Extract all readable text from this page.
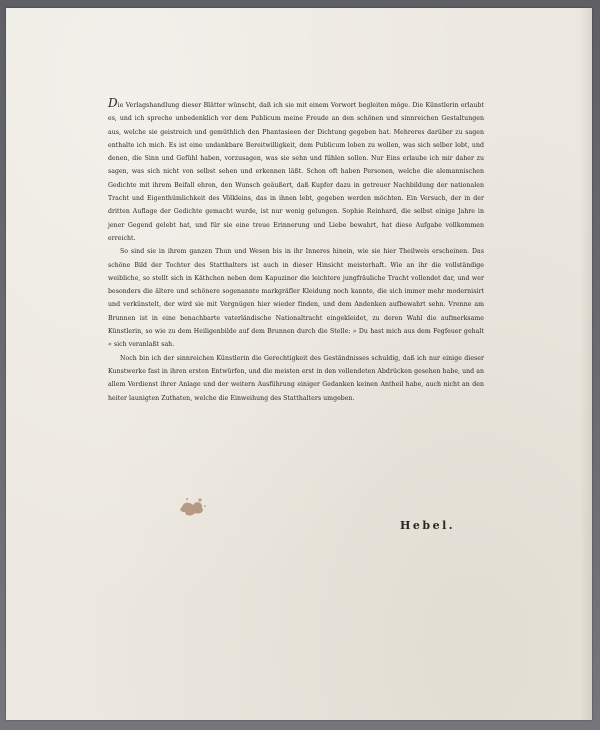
Die Verlagshandlung dieser Blätter wünscht, daß ich sie mit einem Vorwort begleiten möge. Die Künstlerin erlaubt es, und ich spreche unbedenklich vor dem Publicum meine Freude an den schönen und sinnreichen Gestaltungen aus, welche sie geistreich und gemüthlich den Phantasieen der Dichtung gegeben hat. Mehreres darüber zu sagen enthalte ich mich. Es ist eine undankbare Bereitwilligkeit, dem Publicum loben zu wollen, was sich selber lobt, und denen, die Sinn und Gefühl haben, vorzusagen, was sie sehn und fühlen sollen. Nur Eins erlaube ich mir daher zu sagen, was sich nicht von selbst sehen und erkennen läßt. Schon oft haben Personen, welche die alemannischen Gedichte mit ihrem Beifall ehren, den Wunsch geäußert, daß Kupfer dazu in getreuer Nachbildung der nationalen Tracht und Eigenthümlichkeit des Völkleins, das in ihnen lebt, gegeben werden möchten. Ein Versuch, der in der dritten Auflage der Gedichte gemacht wurde, ist nur wenig gelungen. Sophie Reinhard, die selbst einige Jahre in jener Gegend gelebt hat, und für sie eine treue Erinnerung und Liebe bewahrt, hat diese Aufgabe vollkommen erreicht.

So sind sie in ihrem ganzen Thun und Wesen bis in ihr Inneres hinein, wie sie hier Theilweis erscheinen. Das schöne Bild der Tochter des Statthalters ist auch in dieser Hinsicht meisterhaft. Wie an ihr die vollständige weibliche, so stellt sich in Käthchen neben dem Kapuziner die leichtere jungfräuliche Tracht vollendet dar, und wer besonders die ältere und schönere sogenannte markgräfler Kleidung noch kannte, die sich immer mehr modernisirt und verkünstelt, der wird sie mit Vergnügen hier wieder finden, und dem Andenken aufbewahrt sehn. Vrenne am Brunnen ist in eine benachbarte vaterländische Nationaltracht eingekleidet, zu deren Wahl die aufmerksame Künstlerin, so wie zu dem Heiligenbilde auf dem Brunnen durch die Stelle: » Du hast mich aus dem Fegfeuer gehalt « sich veranlaßt sah.

Noch bin ich der sinnreichen Künstlerin die Gerechtigkeit des Geständnisses schuldig, daß ich nur einige dieser Kunstwerke fast in ihren ersten Entwürfen, und die meisten erst in den vollendeten Abdrücken gesehen habe, und an allem Verdienst ihrer Anlage und der weitern Ausführung einiger Gedanken keinen Antheil habe, auch nicht an den heiter launigten Zuthaten, welche die Einweihung des Statthalters umgeben.

Hebel.
